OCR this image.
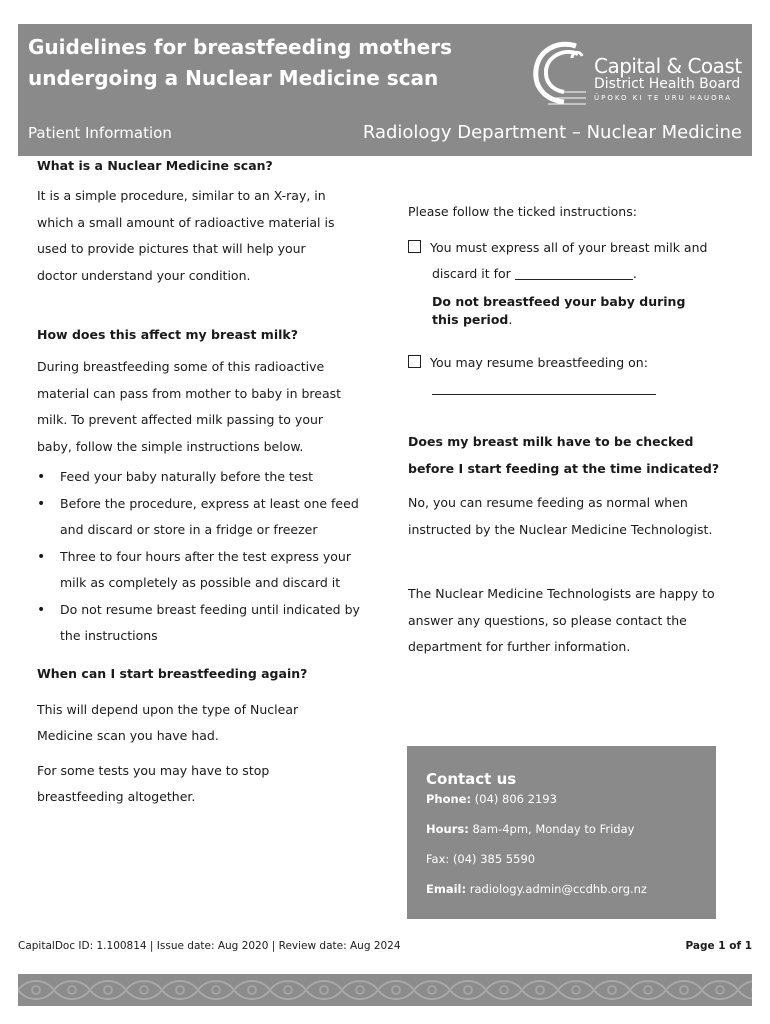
Guidelines for breastfeeding mothers
undergoing a Nuclear Medicine scan	Capital & Coast
District Health Board
ŪPOKO KI TE URU HAUORA
Patient Information	Radiology Department – Nuclear Medicine

What is a Nuclear Medicine scan?

It is a simple procedure, similar to an X-ray, in which a small amount of radioactive material is used to provide pictures that will help your doctor understand your condition.

How does this affect my breast milk?

During breastfeeding some of this radioactive material can pass from mother to baby in breast milk. To prevent affected milk passing to your baby, follow the simple instructions below.

• Feed your baby naturally before the test
• Before the procedure, express at least one feed and discard or store in a fridge or freezer
• Three to four hours after the test express your milk as completely as possible and discard it
• Do not resume breast feeding until indicated by the instructions

When can I start breastfeeding again?

This will depend upon the type of Nuclear Medicine scan you have had.

For some tests you may have to stop breastfeeding altogether.

Please follow the ticked instructions:

You must express all of your breast milk and
discard it for	.
Do not breastfeed your baby during this period.
You may resume breastfeeding on:

Does my breast milk have to be checked before I start feeding at the time indicated?

No, you can resume feeding as normal when instructed by the Nuclear Medicine Technologist.

The Nuclear Medicine Technologists are happy to answer any questions, so please contact the department for further information.

Contact us
Phone: (04) 806 2193
Hours: 8am-4pm, Monday to Friday
Fax: (04) 385 5590
Email: radiology.admin@ccdhb.org.nz
CapitalDoc ID: 1.100814 | Issue date: Aug 2020 | Review date: Aug 2024	Page 1 of 1
